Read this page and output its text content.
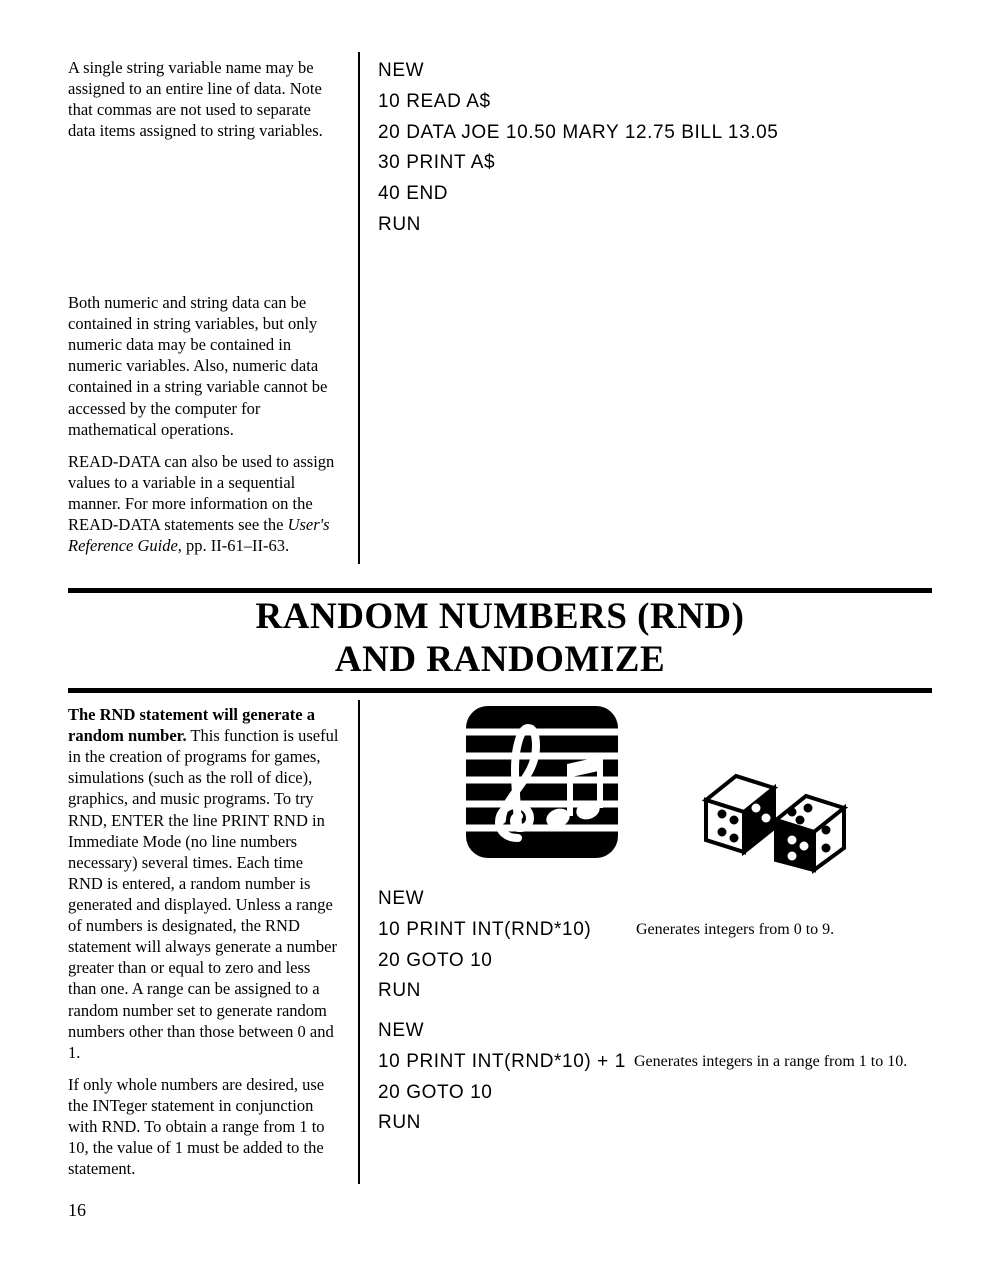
A single string variable name may be assigned to an entire line of data. Note that commas are not used to separate data items assigned to string variables.

Both numeric and string data can be contained in string variables, but only numeric data may be contained in numeric variables. Also, numeric data contained in a string variable cannot be accessed by the computer for mathematical operations.

READ-DATA can also be used to assign values to a variable in a sequential manner. For more information on the READ-DATA statements see the User's Reference Guide, pp. II-61–II-63.

NEW
10 READ A$
20 DATA JOE 10.50 MARY 12.75 BILL 13.05
30 PRINT A$
40 END
RUN
RANDOM NUMBERS (RND)
AND RANDOMIZE

The RND statement will generate a random number. This function is useful in the creation of programs for games, simulations (such as the roll of dice), graphics, and music programs. To try RND, ENTER the line PRINT RND in Immediate Mode (no line numbers necessary) several times. Each time RND is entered, a random number is generated and displayed. Unless a range of numbers is designated, the RND statement will always generate a number greater than or equal to zero and less than one. A range can be assigned to a random number set to generate random numbers other than those between 0 and 1.

If only whole numbers are desired, use the INTeger statement in conjunction with RND. To obtain a range from 1 to 10, the value of 1 must be added to the statement.

NEW
10 PRINT INT(RND*10)
20 GOTO 10
RUN
Generates integers from 0 to 9.
NEW
10 PRINT INT(RND*10) + 1
20 GOTO 10
RUN
Generates integers in a range from 1 to 10.
16
